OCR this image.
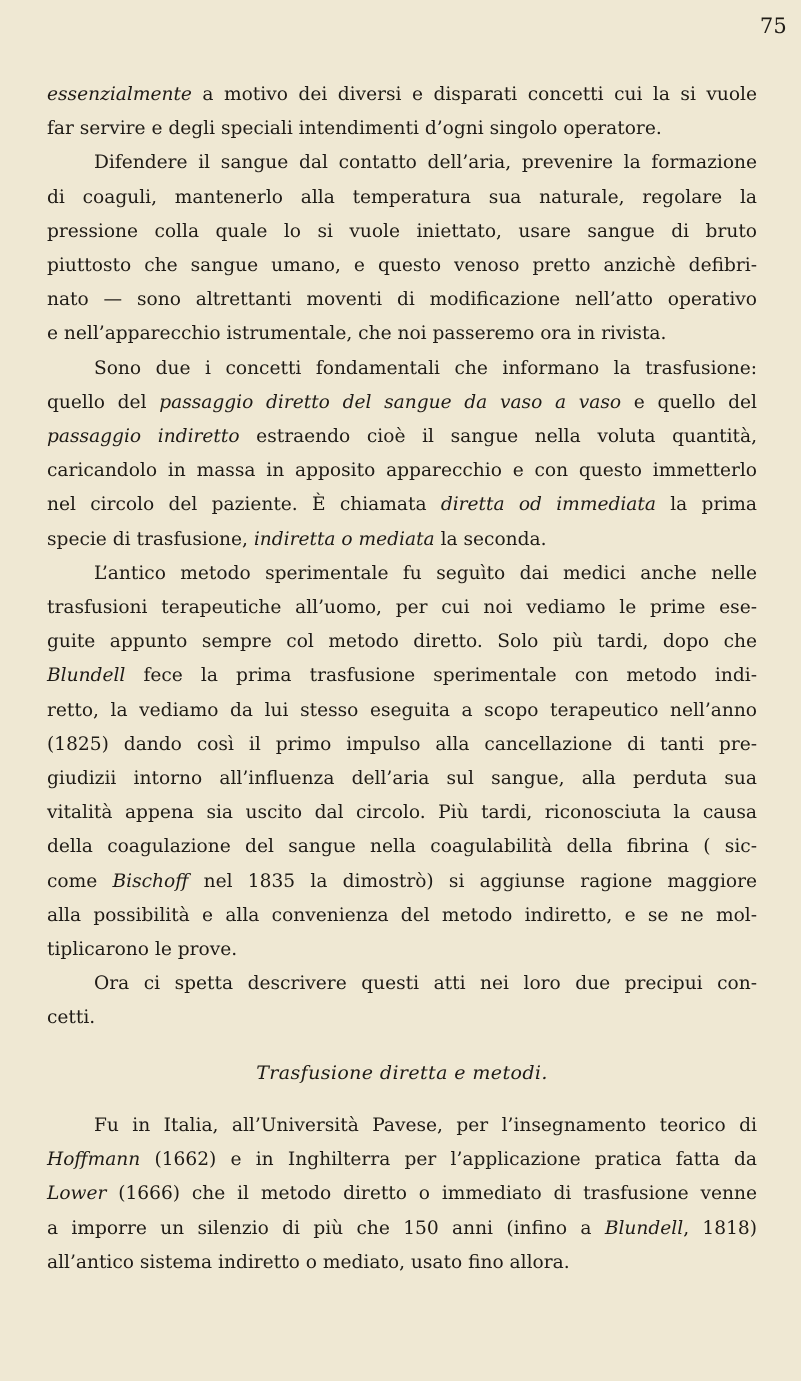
75
essenzialmente a motivo dei diversi e disparati concetti cui la si vuole
far servire e degli speciali intendimenti d’ogni singolo operatore.
Difendere il sangue dal contatto dell’aria, prevenire la formazione
di coaguli, mantenerlo alla temperatura sua naturale, regolare la
pressione colla quale lo si vuole iniettato, usare sangue di bruto
piuttosto che sangue umano, e questo venoso pretto anzichè defibri-
nato — sono altrettanti moventi di modificazione nell’atto operativo
e nell’apparecchio istrumentale, che noi passeremo ora in rivista.
Sono due i concetti fondamentali che informano la trasfusione:
quello del passaggio diretto del sangue da vaso a vaso e quello del
passaggio indiretto estraendo cioè il sangue nella voluta quantità,
caricandolo in massa in apposito apparecchio e con questo immetterlo
nel circolo del paziente. È chiamata diretta od immediata la prima
specie di trasfusione, indiretta o mediata la seconda.
L’antico metodo sperimentale fu seguìto dai medici anche nelle
trasfusioni terapeutiche all’uomo, per cui noi vediamo le prime ese-
guite appunto sempre col metodo diretto. Solo più tardi, dopo che
Blundell fece la prima trasfusione sperimentale con metodo indi-
retto, la vediamo da lui stesso eseguita a scopo terapeutico nell’anno
(1825) dando così il primo impulso alla cancellazione di tanti pre-
giudizii intorno all’influenza dell’aria sul sangue, alla perduta sua
vitalità appena sia uscito dal circolo. Più tardi, riconosciuta la causa
della coagulazione del sangue nella coagulabilità della fibrina ( sic-
come Bischoff nel 1835 la dimostrò) si aggiunse ragione maggiore
alla possibilità e alla convenienza del metodo indiretto, e se ne mol-
tiplicarono le prove.
Ora ci spetta descrivere questi atti nei loro due precipui con-
cetti.
Trasfusione diretta e metodi.
Fu in Italia, all’Università Pavese, per l’insegnamento teorico di
Hoffmann (1662) e in Inghilterra per l’applicazione pratica fatta da
Lower (1666) che il metodo diretto o immediato di trasfusione venne
a imporre un silenzio di più che 150 anni (infino a Blundell, 1818)
all’antico sistema indiretto o mediato, usato fino allora.
